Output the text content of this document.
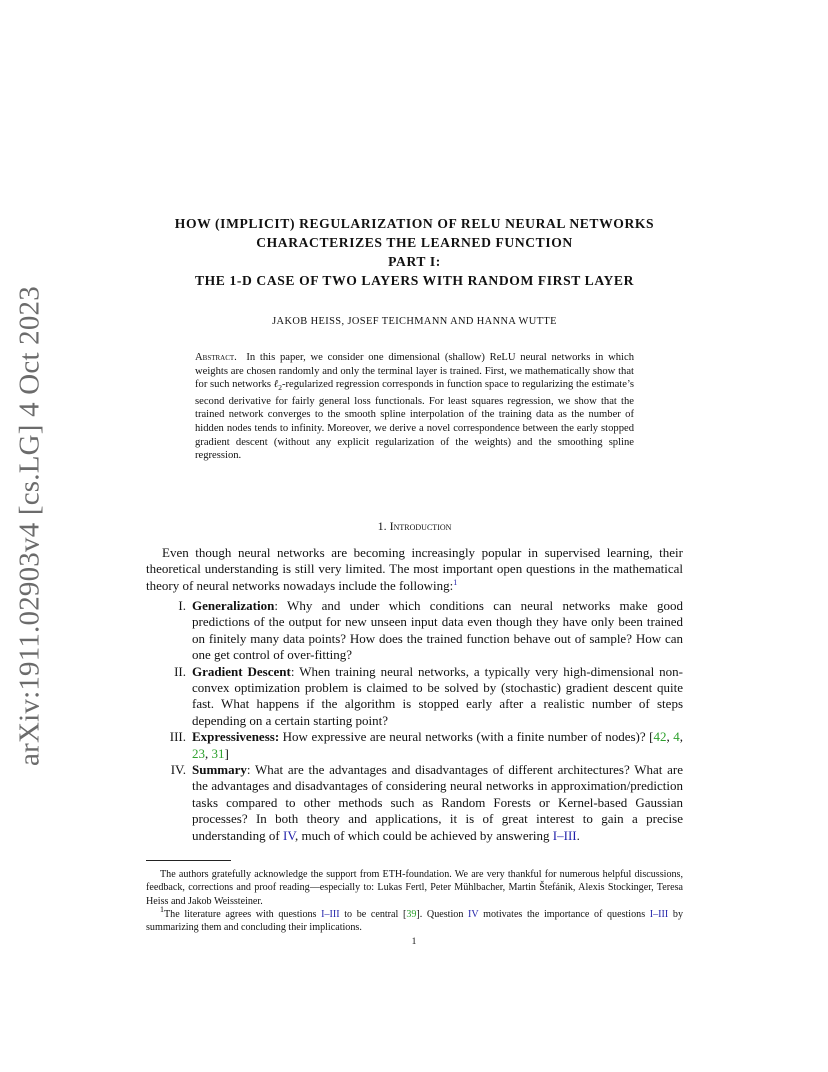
arXiv:1911.02903v4 [cs.LG] 4 Oct 2023
HOW (IMPLICIT) REGULARIZATION OF RELU NEURAL NETWORKS
CHARACTERIZES THE LEARNED FUNCTION
PART I:
THE 1-D CASE OF TWO LAYERS WITH RANDOM FIRST LAYER
JAKOB HEISS, JOSEF TEICHMANN AND HANNA WUTTE
Abstract. In this paper, we consider one dimensional (shallow) ReLU neural networks in which weights are chosen randomly and only the terminal layer is trained. First, we mathematically show that for such networks ℓ$_2$-regularized regression corresponds in function space to regularizing the estimate’s second derivative for fairly general loss functionals. For least squares regression, we show that the trained network converges to the smooth spline interpolation of the training data as the number of hidden nodes tends to infinity. Moreover, we derive a novel correspondence between the early stopped gradient descent (without any explicit regularization of the weights) and the smoothing spline regression.
1. Introduction

Even though neural networks are becoming increasingly popular in supervised learning, their theoretical understanding is still very limited. The most important open questions in the mathematical theory of neural networks nowadays include the following:$^1$

I. Generalization: Why and under which conditions can neural networks make good predictions of the output for new unseen input data even though they have only been trained on finitely many data points? How does the trained function behave out of sample? How can one get control of over-fitting?
II. Gradient Descent: When training neural networks, a typically very high-dimensional non-convex optimization problem is claimed to be solved by (stochastic) gradient descent quite fast. What happens if the algorithm is stopped early after a realistic number of steps depending on a certain starting point?
III. Expressiveness: How expressive are neural networks (with a finite number of nodes)? [42, 4, 23, 31]
IV. Summary: What are the advantages and disadvantages of different architectures? What are the advantages and disadvantages of considering neural networks in approximation/prediction tasks compared to other methods such as Random Forests or Kernel-based Gaussian processes? In both theory and applications, it is of great interest to gain a precise understanding of IV, much of which could be achieved by answering I–III.

The authors gratefully acknowledge the support from ETH-foundation. We are very thankful for numerous helpful discussions, feedback, corrections and proof reading—especially to: Lukas Fertl, Peter Mühlbacher, Martin Štefánik, Alexis Stockinger, Teresa Heiss and Jakob Weissteiner.

$^1$The literature agrees with questions I–III to be central [39]. Question IV motivates the importance of questions I–III by summarizing them and concluding their implications.

1
